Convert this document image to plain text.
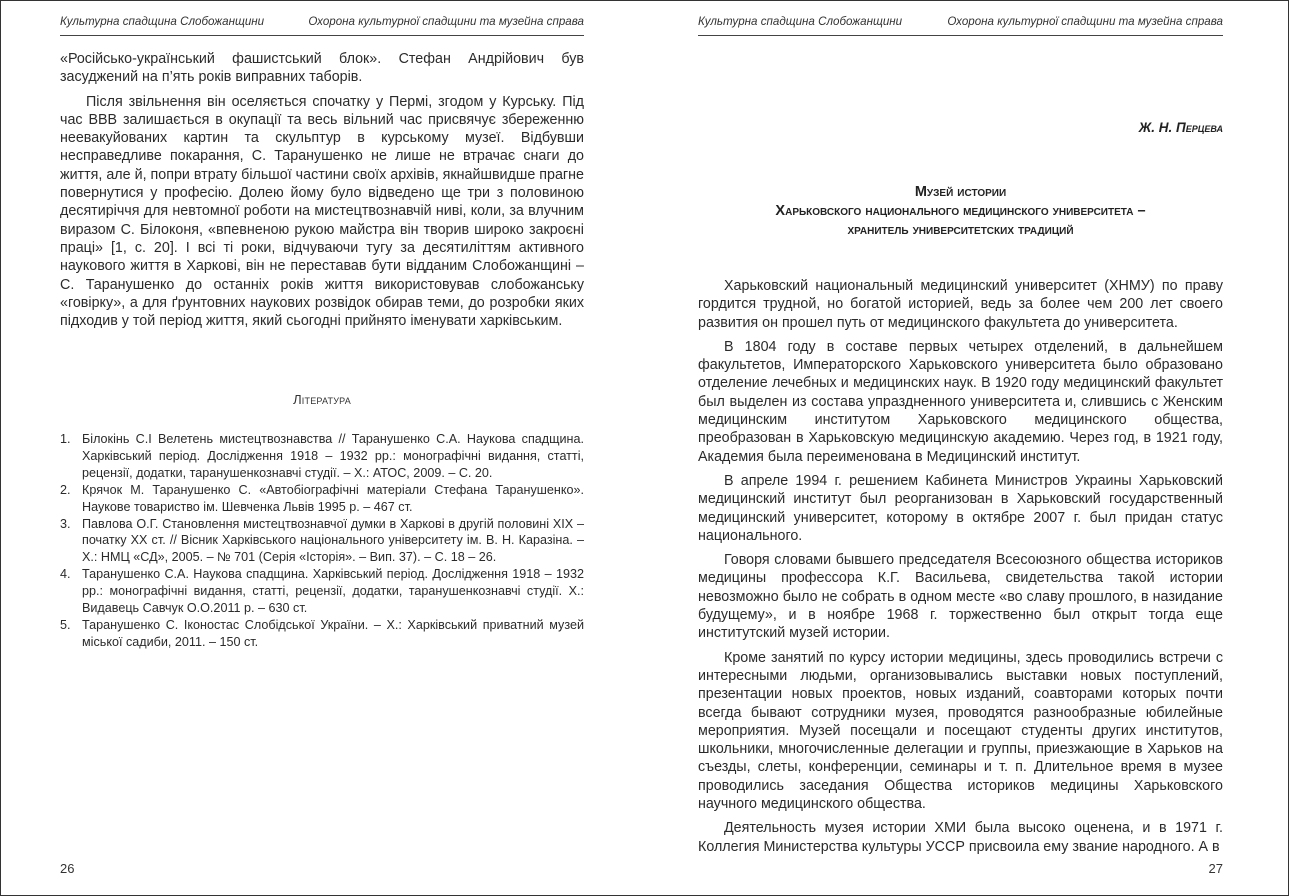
Культурна спадщина Слобожанщини	Охорона культурної спадщини та музейна справа

«Російсько-український фашистський блок». Стефан Андрійович був засуджений на п’ять років виправних таборів.

Після звільнення він оселяється спочатку у Пермі, згодом у Курську. Під час ВВВ залишається в окупації та весь вільний час присвячує збереженню неевакуйованих картин та скульптур в курському музеї. Відбувши несправедливе покарання, С. Таранушенко не лише не втрачає снаги до життя, але й, попри втрату більшої частини своїх архівів, якнайшвидше прагне повернутися у професію. Долею йому було відведено ще три з половиною десятиріччя для невтомної роботи на мистецтвознавчій ниві, коли, за влучним виразом С. Білоконя, «впевненою рукою майстра він творив широко закроєні праці» [1, с. 20]. І всі ті роки, відчуваючи тугу за десятиліттям активного наукового життя в Харкові, він не переставав бути відданим Слобожанщині – С. Таранушенко до останніх років життя використовував слобожанську «говірку», а для ґрунтовних наукових розвідок обирав теми, до розробки яких підходив у той період життя, який сьогодні прийнято іменувати харківським.

Література
1. Білокінь С.І Велетень мистецтвознавства // Таранушенко С.А. Наукова спадщина. Харківський період. Дослідження 1918 – 1932 рр.: монографічні видання, статті, рецензії, додатки, таранушенкознавчі студії. – Х.: АТОС, 2009. – С. 20.
2. Крячок М. Таранушенко С. «Автобіографічні матеріали Стефана Таранушенко». Наукове товариство ім. Шевченка Львів 1995 р. – 467 ст.
3. Павлова О.Г. Становлення мистецтвознавчої думки в Харкові в другій половині ХІХ – початку ХХ ст. // Вісник Харківського національного університету ім. В. Н. Каразіна. – Х.: НМЦ «СД», 2005. – № 701 (Серія «Історія». – Вип. 37). – С. 18 – 26.
4. Таранушенко С.А. Наукова спадщина. Харківський період. Дослідження 1918 – 1932 рр.: монографічні видання, статті, рецензії, додатки, таранушенкознавчі студії. Х.: Видавець Савчук О.О.2011 р. – 630 ст.
5. Таранушенко С. Іконостас Слобідської України. – Х.: Харківський приватний музей міської садиби, 2011. – 150 ст.
26
Культурна спадщина Слобожанщини	Охорона культурної спадщини та музейна справа
Ж. Н. Перцева
Музей истории
Харьковского национального медицинского университета –
хранитель университетских традиций

Харьковский национальный медицинский университет (ХНМУ) по праву гордится трудной, но богатой историей, ведь за более чем 200 лет своего развития он прошел путь от медицинского факультета до университета.

В 1804 году в составе первых четырех отделений, в дальнейшем факультетов, Императорского Харьковского университета было образовано отделение лечебных и медицинских наук. В 1920 году медицинский факультет был выделен из состава упраздненного университета и, слившись с Женским медицинским институтом Харьковского медицинского общества, преобразован в Харьковскую медицинскую академию. Через год, в 1921 году, Академия была переименована в Медицинский институт.

В апреле 1994 г. решением Кабинета Министров Украины Харьковский медицинский институт был реорганизован в Харьковский государственный медицинский университет, которому в октябре 2007 г. был придан статус национального.

Говоря словами бывшего председателя Всесоюзного общества историков медицины профессора К.Г. Васильева, свидетельства такой истории невозможно было не собрать в одном месте «во славу прошлого, в назидание будущему», и в ноябре 1968 г. торжественно был открыт тогда еще институтский музей истории.

Кроме занятий по курсу истории медицины, здесь проводились встречи с интересными людьми, организовывались выставки новых поступлений, презентации новых проектов, новых изданий, соавторами которых почти всегда бывают сотрудники музея, проводятся разнообразные юбилейные мероприятия. Музей посещали и посещают студенты других институтов, школьники, многочисленные делегации и группы, приезжающие в Харьков на съезды, слеты, конференции, семинары и т. п. Длительное время в музее проводились заседания Общества историков медицины Харьковского научного медицинского общества.

Деятельность музея истории ХМИ была высоко оценена, и в 1971 г. Коллегия Министерства культуры УССР присвоила ему звание народного. А в

27
